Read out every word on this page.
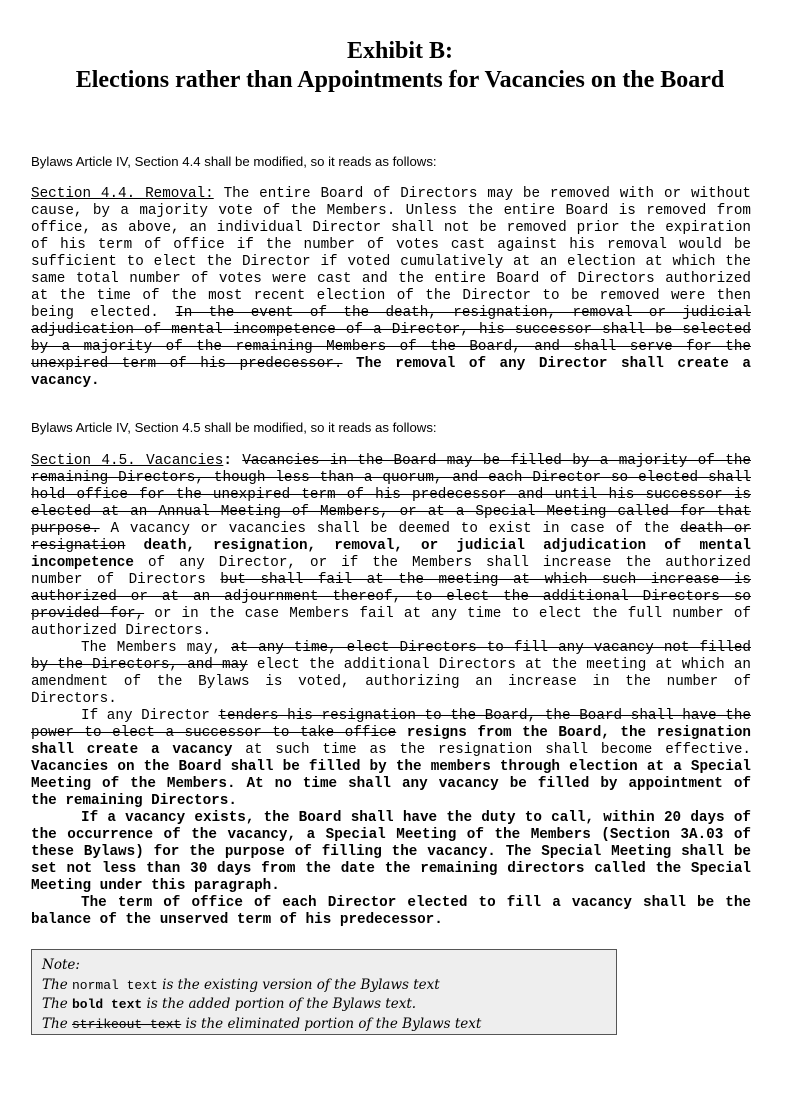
Exhibit B:
Elections rather than Appointments for Vacancies on the Board

Bylaws Article IV, Section 4.4 shall be modified, so it reads as follows:

Section 4.4. Removal: The entire Board of Directors may be removed with or without cause, by a majority vote of the Members. Unless the entire Board is removed from office, as above, an individual Director shall not be removed prior the expiration of his term of office if the number of votes cast against his removal would be sufficient to elect the Director if voted cumulatively at an election at which the same total number of votes were cast and the entire Board of Directors authorized at the time of the most recent election of the Director to be removed were then being elected. In the event of the death, resignation, removal or judicial adjudication of mental incompetence of a Director, his successor shall be selected by a majority of the remaining Members of the Board, and shall serve for the unexpired term of his predecessor. The removal of any Director shall create a vacancy.

Bylaws Article IV, Section 4.5 shall be modified, so it reads as follows:

Section 4.5. Vacancies: Vacancies in the Board may be filled by a majority of the remaining Directors, though less than a quorum, and each Director so elected shall hold office for the unexpired term of his predecessor and until his successor is elected at an Annual Meeting of Members, or at a Special Meeting called for that purpose. A vacancy or vacancies shall be deemed to exist in case of the death or resignation death, resignation, removal, or judicial adjudication of mental incompetence of any Director, or if the Members shall increase the authorized number of Directors but shall fail at the meeting at which such increase is authorized or at an adjournment thereof, to elect the additional Directors so provided for, or in the case Members fail at any time to elect the full number of authorized Directors.

The Members may, at any time, elect Directors to fill any vacancy not filled by the Directors, and may elect the additional Directors at the meeting at which an amendment of the Bylaws is voted, authorizing an increase in the number of Directors.

If any Director tenders his resignation to the Board, the Board shall have the power to elect a successor to take office resigns from the Board, the resignation shall create a vacancy at such time as the resignation shall become effective. Vacancies on the Board shall be filled by the members through election at a Special Meeting of the Members. At no time shall any vacancy be filled by appointment of the remaining Directors.

If a vacancy exists, the Board shall have the duty to call, within 20 days of the occurrence of the vacancy, a Special Meeting of the Members (Section 3A.03 of these Bylaws) for the purpose of filling the vacancy. The Special Meeting shall be set not less than 30 days from the date the remaining directors called the Special Meeting under this paragraph.

The term of office of each Director elected to fill a vacancy shall be the balance of the unserved term of his predecessor.

Note:
The normal text is the existing version of the Bylaws text
The bold text is the added portion of the Bylaws text.
The strikeout text is the eliminated portion of the Bylaws text
